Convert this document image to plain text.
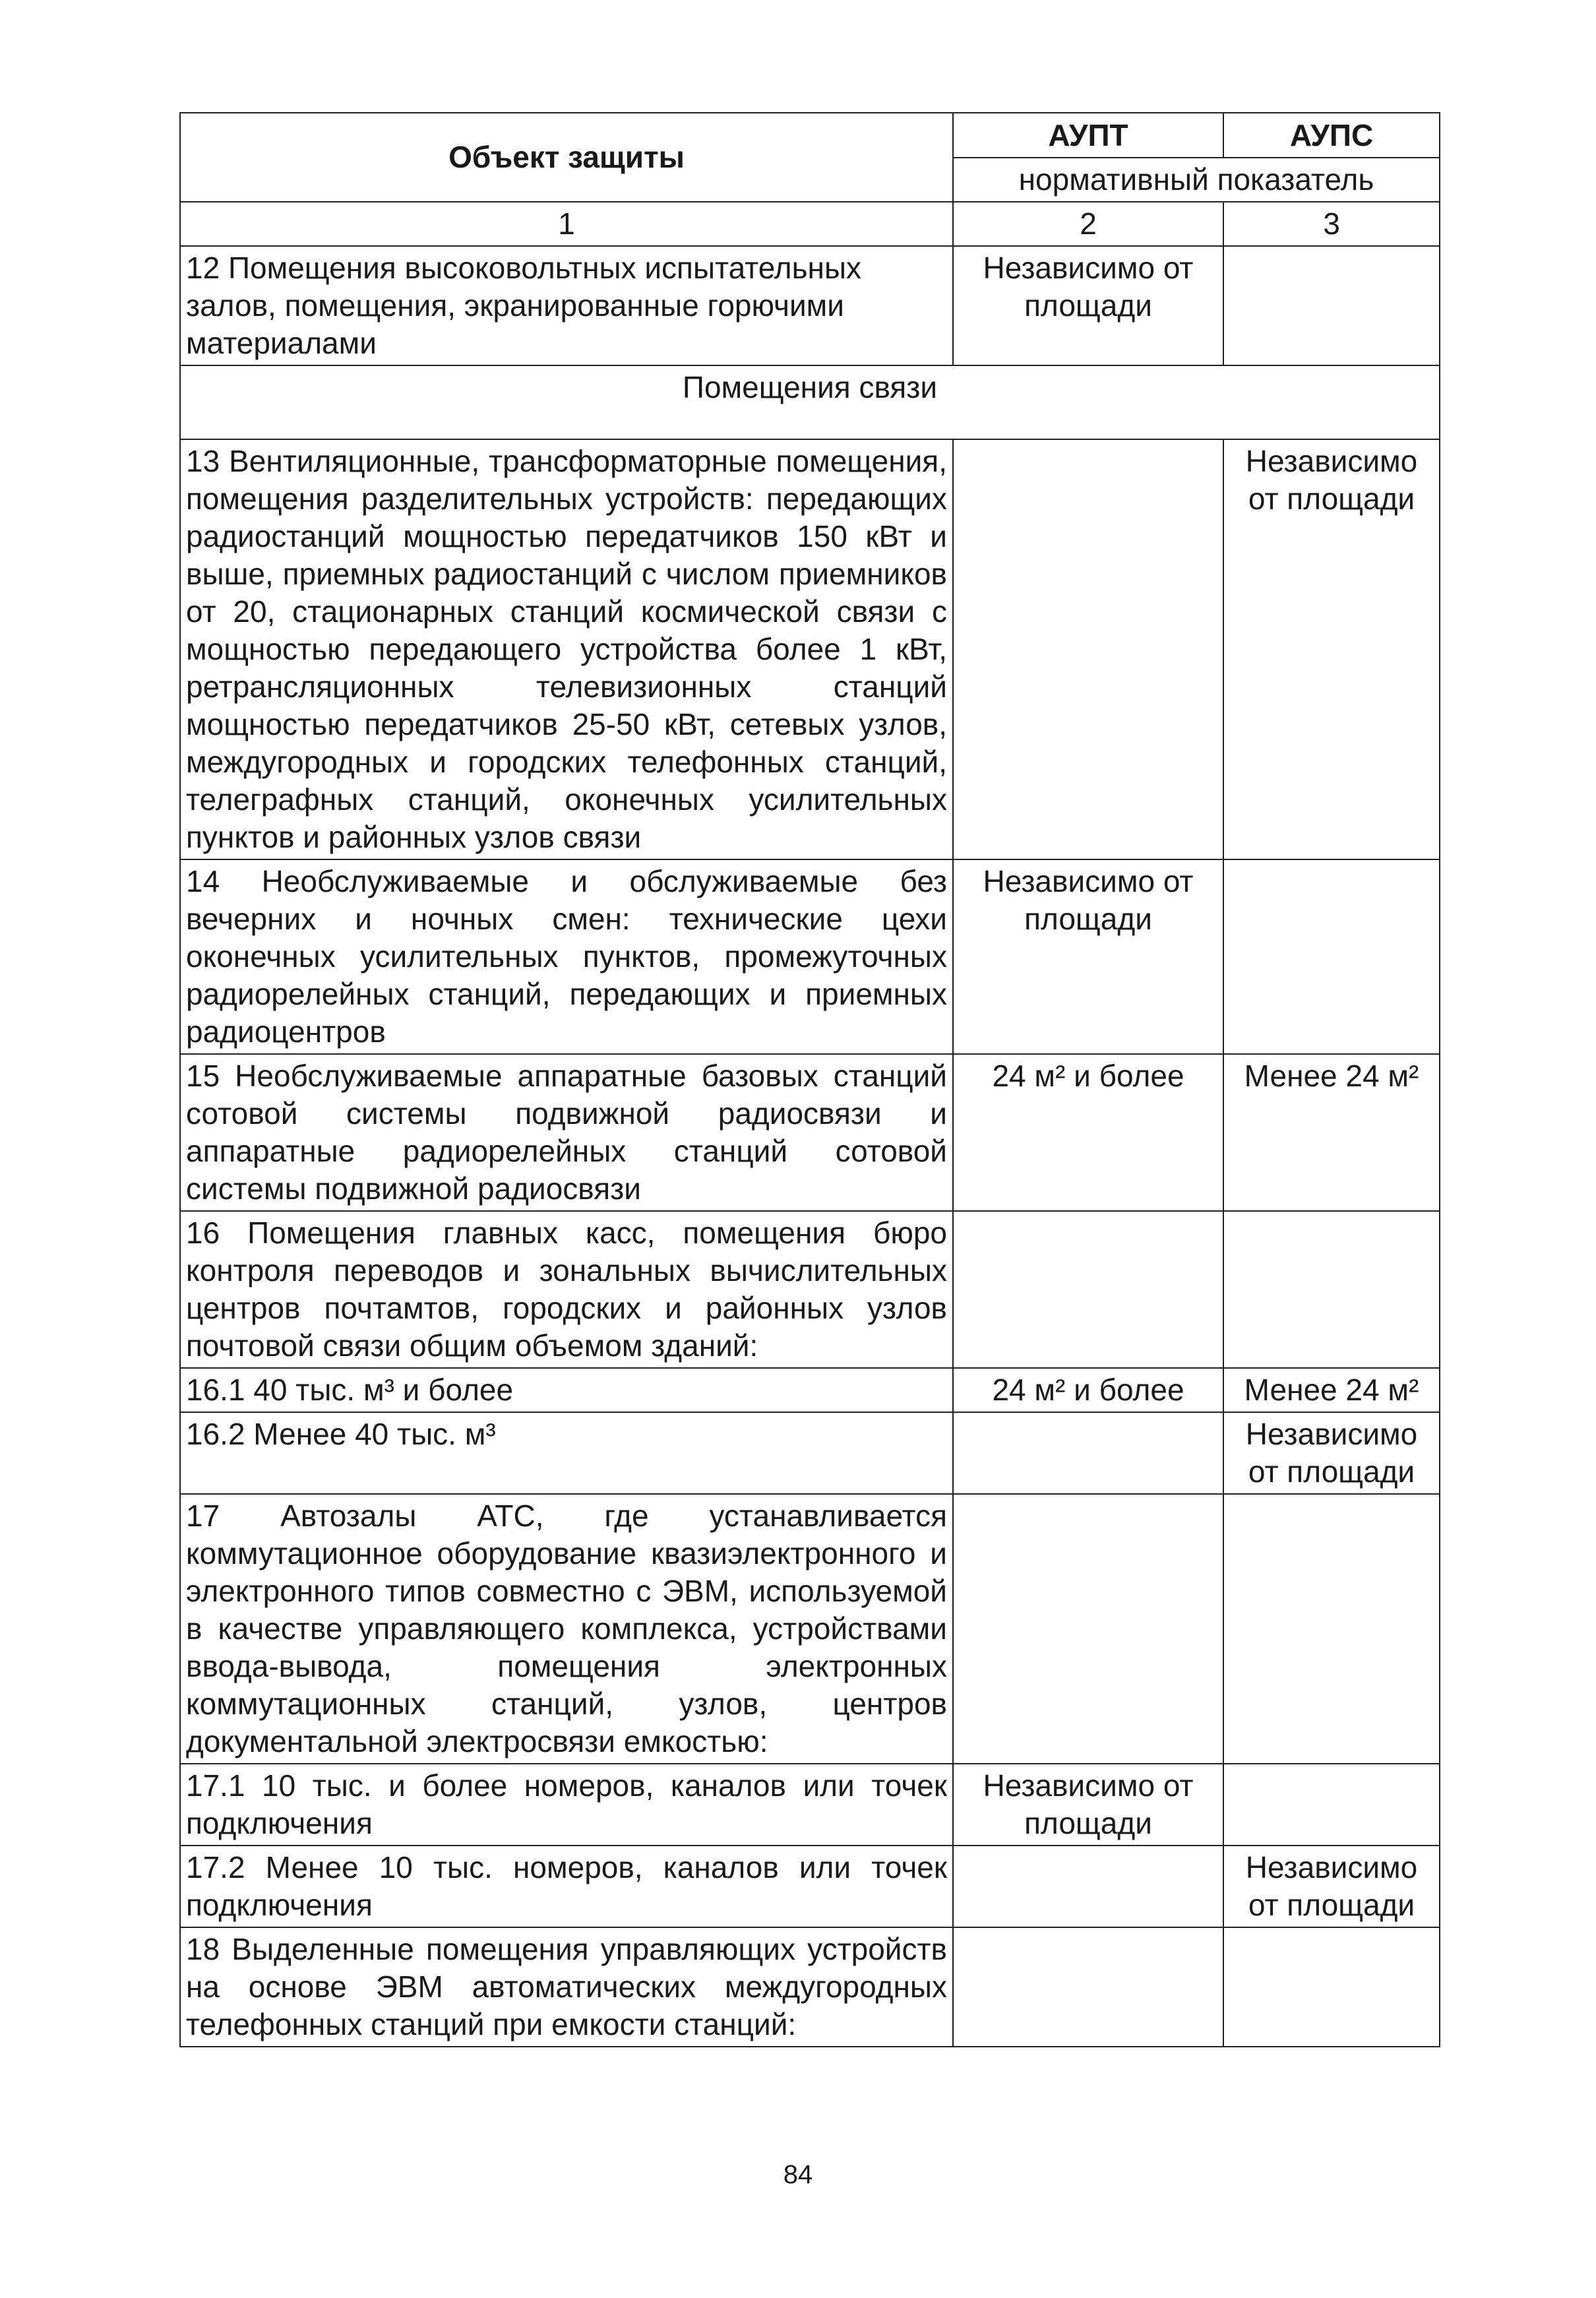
Объект защиты	АУПТ	АУПС
	нормативный показатель	
1	2	3
12 Помещения высоковольтных испытательных залов, помещения, экранированные горючими материалами	Независимо от площади	
Помещения связи		
13 Вентиляционные, трансформаторные помещения, помещения разделительных устройств: передающих радиостанций мощностью передатчиков 150 кВт и выше, приемных радиостанций с числом приемников от 20, стационарных станций космической связи с мощностью передающего устройства более 1 кВт, ретрансляционных телевизионных станций мощностью передатчиков 25-50 кВт, сетевых узлов, междугородных и городских телефонных станций, телеграфных станций, оконечных усилительных пунктов и районных узлов связи		Независимо от площади
14 Необслуживаемые и обслуживаемые без вечерних и ночных смен: технические цехи оконечных усилительных пунктов, промежуточных радиорелейных станций, передающих и приемных радиоцентров	Независимо от площади	
15 Необслуживаемые аппаратные базовых станций сотовой системы подвижной радиосвязи и аппаратные радиорелейных станций сотовой системы подвижной радиосвязи	24 м² и более	Менее 24 м²
16 Помещения главных касс, помещения бюро контроля переводов и зональных вычислительных центров почтамтов, городских и районных узлов почтовой связи общим объемом зданий:		
16.1 40 тыс. м³ и более	24 м² и более	Менее 24 м²
16.2 Менее 40 тыс. м³		Независимо от площади
17 Автозалы АТС, где устанавливается коммутационное оборудование квазиэлектронного и электронного типов совместно с ЭВМ, используемой в качестве управляющего комплекса, устройствами ввода-вывода, помещения электронных коммутационных станций, узлов, центров документальной электросвязи емкостью:		
17.1 10 тыс. и более номеров, каналов или точек подключения	Независимо от площади	
17.2 Менее 10 тыс. номеров, каналов или точек подключения		Независимо от площади
18 Выделенные помещения управляющих устройств на основе ЭВМ автоматических междугородных телефонных станций при емкости станций:		
84
